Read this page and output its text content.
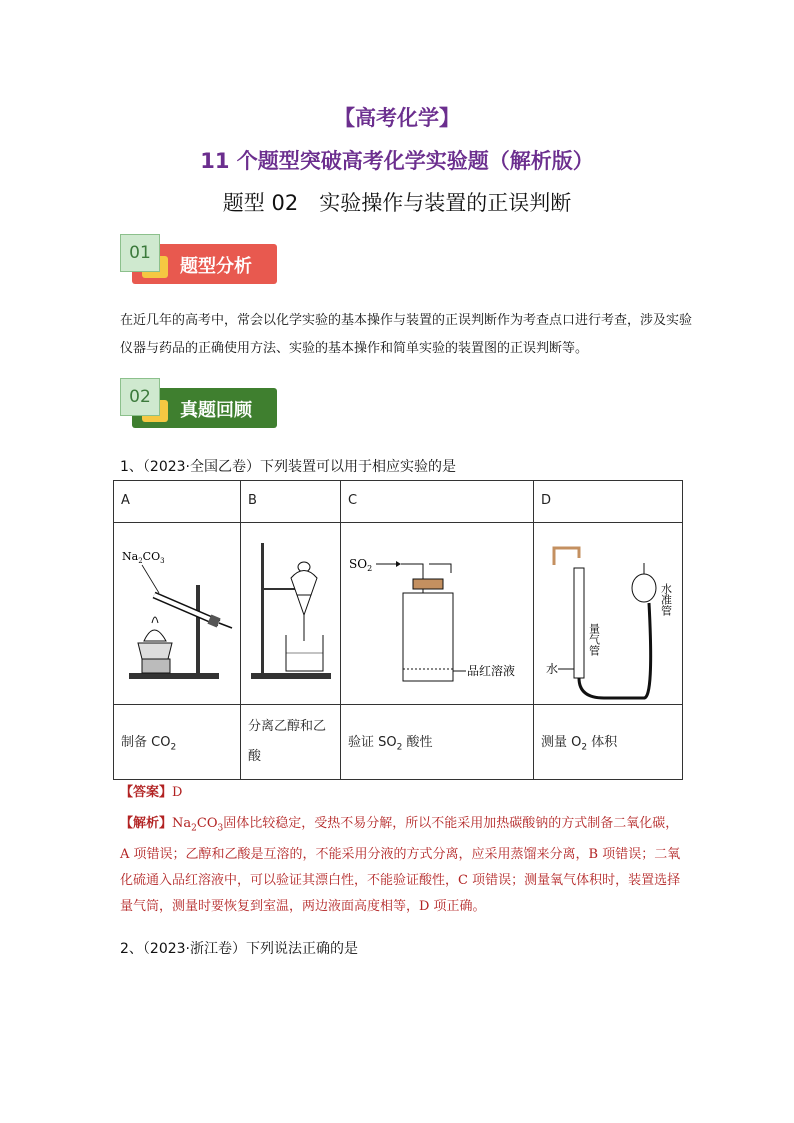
【高考化学】
11 个题型突破高考化学实验题（解析版）
题型 02　实验操作与装置的正误判断
题型分析
01
在近几年的高考中，常会以化学实验的基本操作与装置的正误判断作为考查点口进行考查，涉及实验仪器与药品的正确使用方法、实验的基本操作和简单实验的装置图的正误判断等。
真题回顾
02
1、（2023·全国乙卷）下列装置可以用于相应实验的是
A	B	C	D

$Na_2CO_3$		$SO_2$
品红溶液	水
量气管
水准管

制备 $CO_2$	分离乙醇和乙酸	验证 $SO_2$ 酸性	测量 $O_2$ 体积
【答案】D
【解析】$Na_2CO_3$固体比较稳定，受热不易分解，所以不能采用加热碳酸钠的方式制备二氧化碳，A 项错误；乙醇和乙酸是互溶的，不能采用分液的方式分离，应采用蒸馏来分离，B 项错误；二氧化硫通入品红溶液中，可以验证其漂白性，不能验证酸性，C 项错误；测量氧气体积时，装置选择量气筒，测量时要恢复到室温，两边液面高度相等，D 项正确。
2、（2023·浙江卷）下列说法正确的是
